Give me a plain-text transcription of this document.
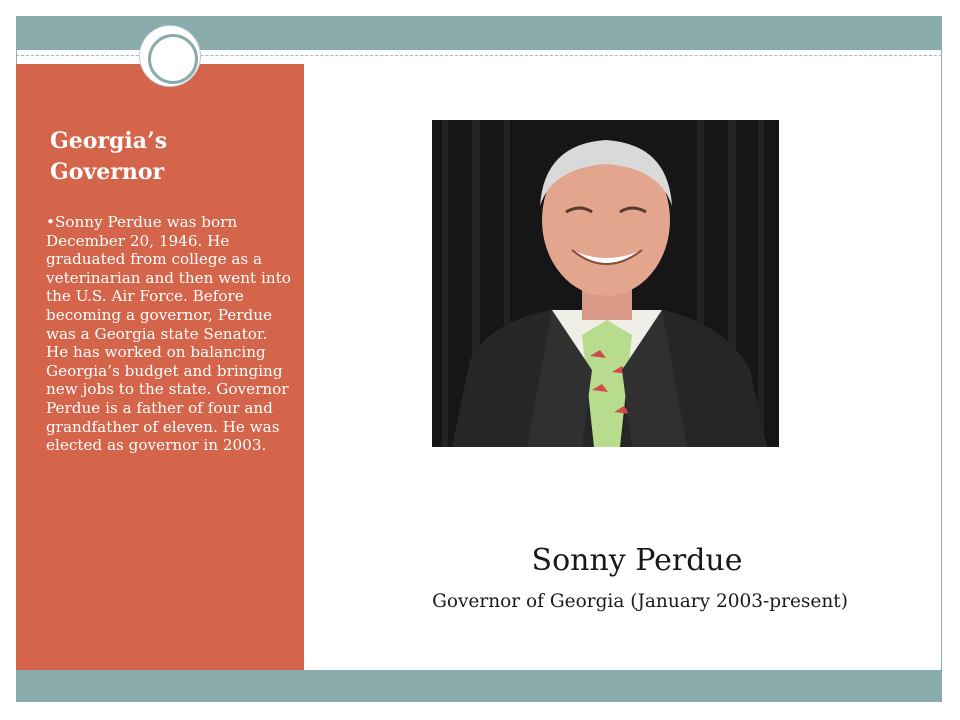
Georgia’s
Governor

•Sonny Perdue was born December 20, 1946. He graduated from college as a veterinarian and then went into the U.S. Air Force. Before becoming a governor, Perdue was a Georgia state Senator. He has worked on balancing Georgia’s budget and bringing new jobs to the state. Governor Perdue is a father of four and grandfather of eleven. He was elected as governor in 2003.

Sonny Perdue

Governor of Georgia (January 2003-present)
